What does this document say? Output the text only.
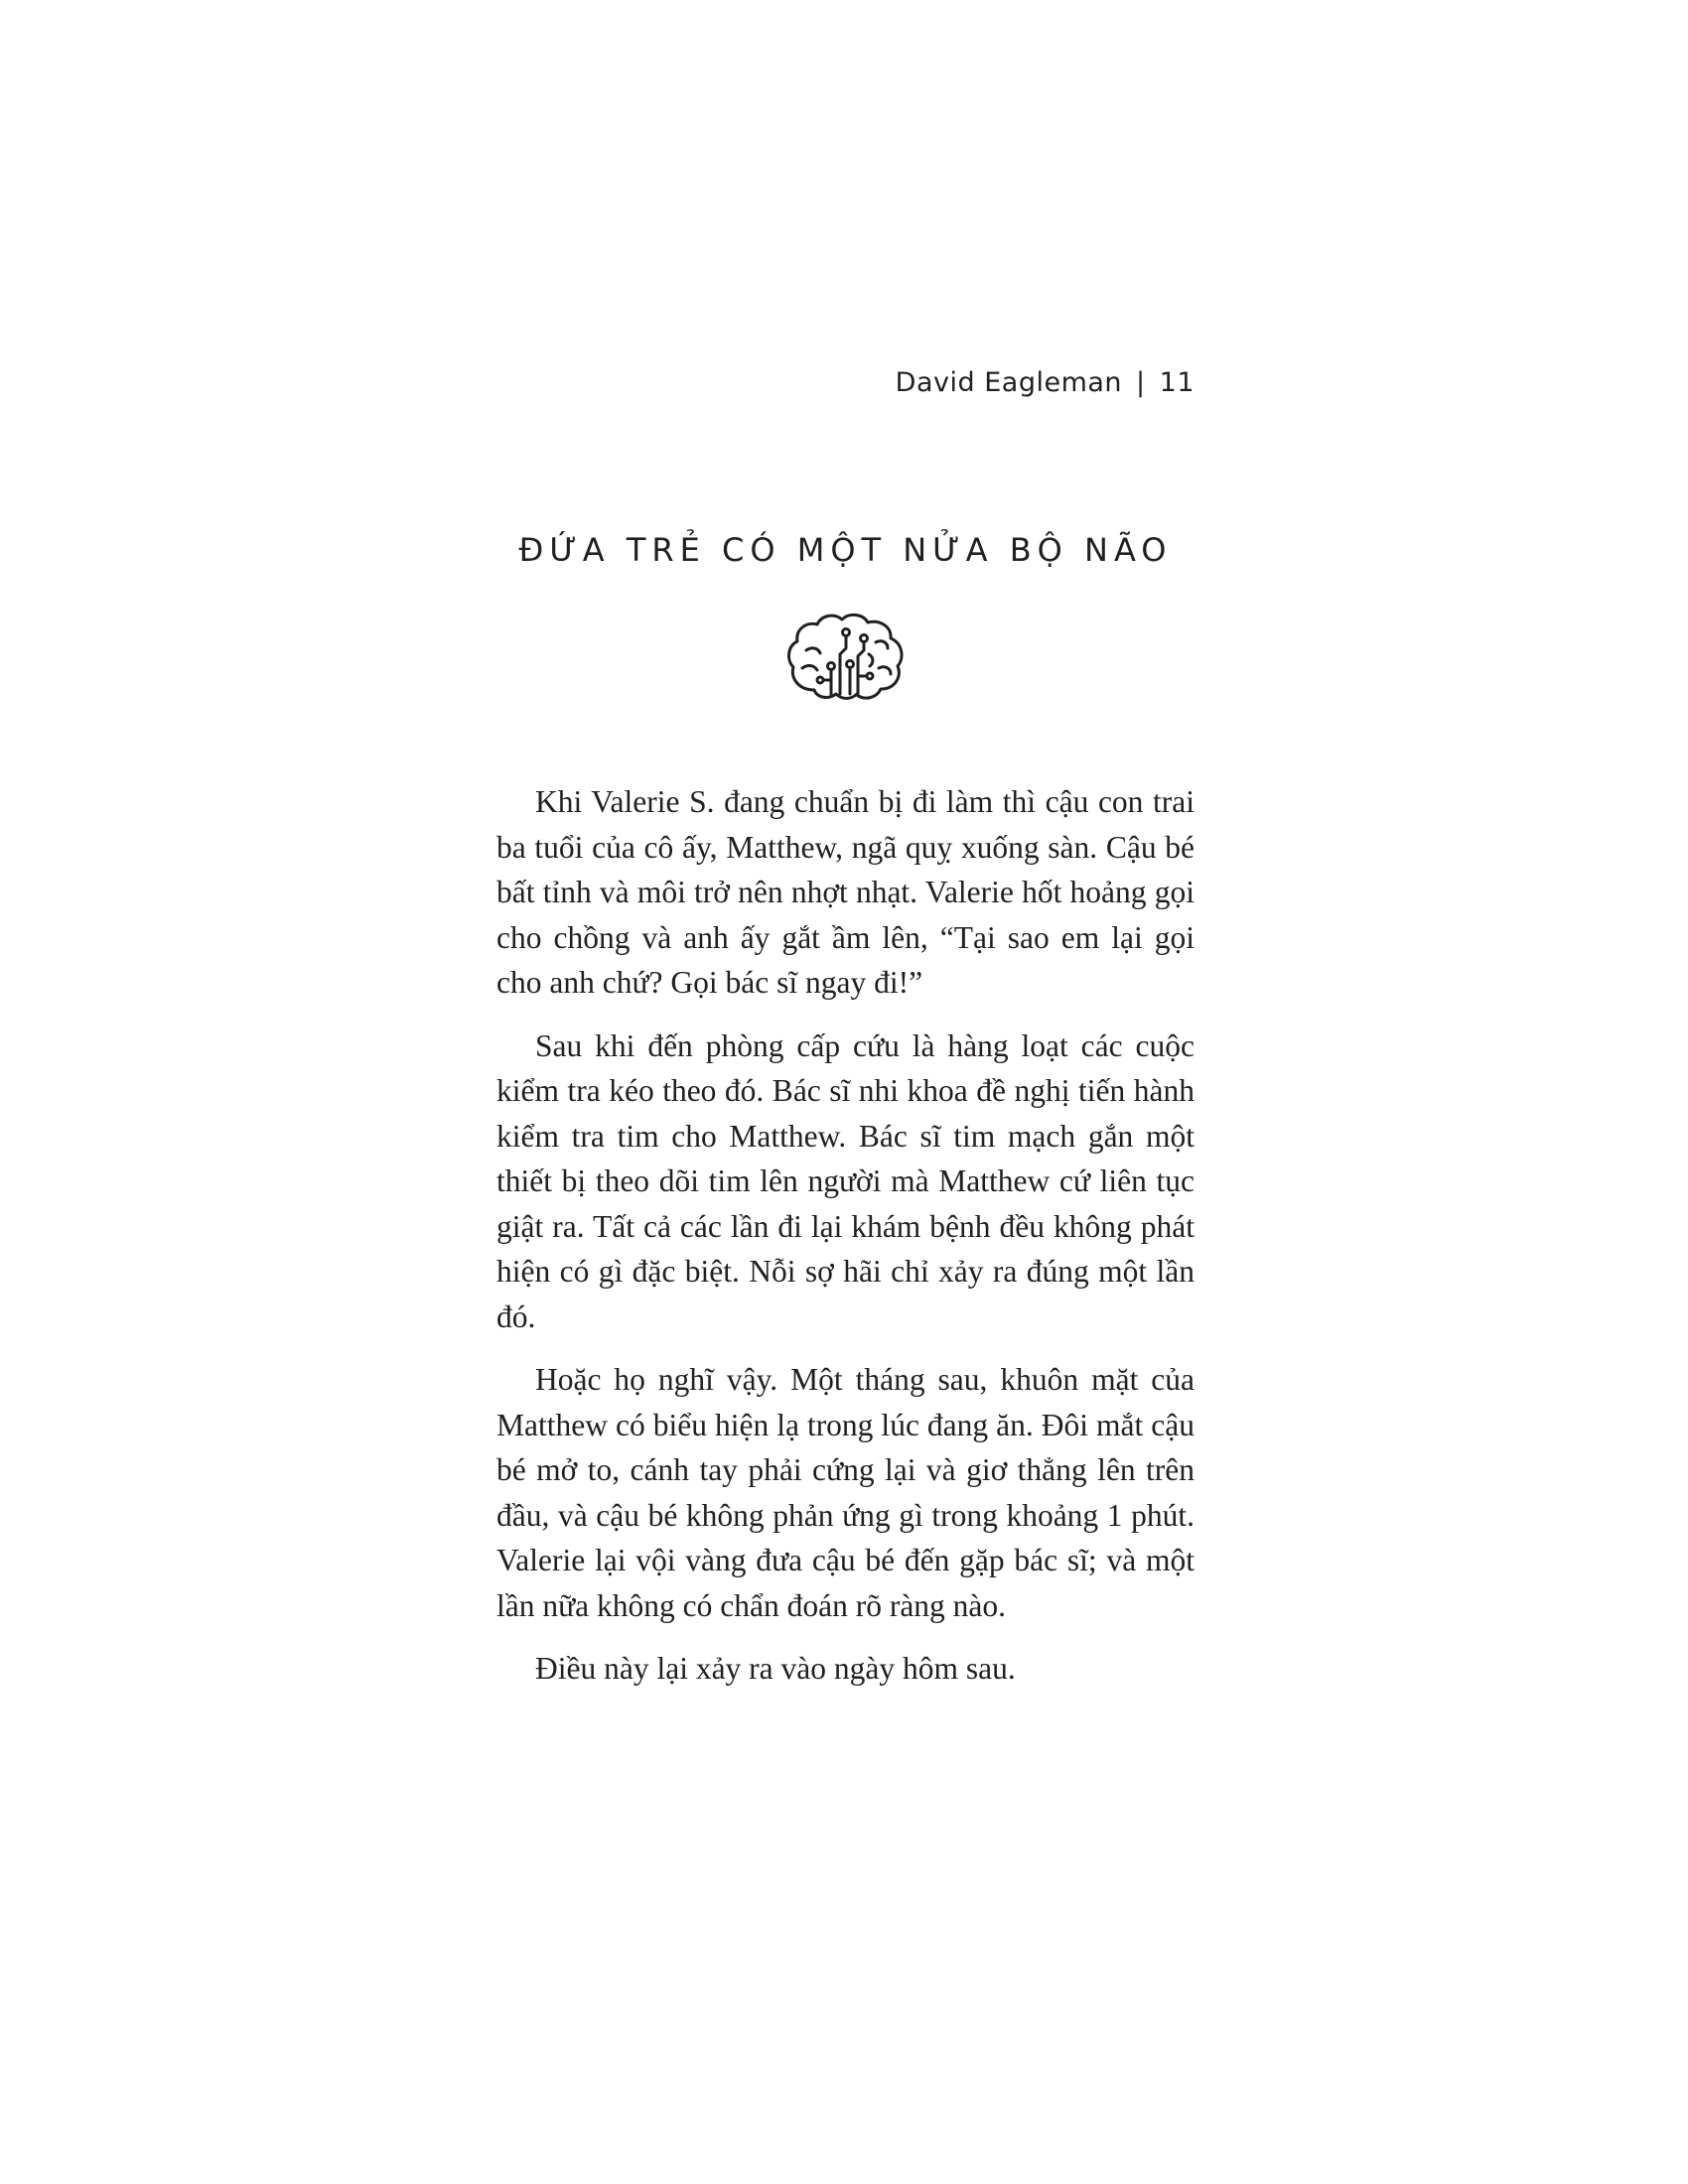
David Eagleman | 11
ĐỨA TRẺ CÓ MỘT NỬA BỘ NÃO

Khi Valerie S. đang chuẩn bị đi làm thì cậu con trai ba tuổi của cô ấy, Matthew, ngã quỵ xuống sàn. Cậu bé bất tỉnh và môi trở nên nhợt nhạt. Valerie hốt hoảng gọi cho chồng và anh ấy gắt ầm lên, “Tại sao em lại gọi cho anh chứ? Gọi bác sĩ ngay đi!”

Sau khi đến phòng cấp cứu là hàng loạt các cuộc kiểm tra kéo theo đó. Bác sĩ nhi khoa đề nghị tiến hành kiểm tra tim cho Matthew. Bác sĩ tim mạch gắn một thiết bị theo dõi tim lên người mà Matthew cứ liên tục giật ra. Tất cả các lần đi lại khám bệnh đều không phát hiện có gì đặc biệt. Nỗi sợ hãi chỉ xảy ra đúng một lần đó.

Hoặc họ nghĩ vậy. Một tháng sau, khuôn mặt của Matthew có biểu hiện lạ trong lúc đang ăn. Đôi mắt cậu bé mở to, cánh tay phải cứng lại và giơ thẳng lên trên đầu, và cậu bé không phản ứng gì trong khoảng 1 phút. Valerie lại vội vàng đưa cậu bé đến gặp bác sĩ; và một lần nữa không có chẩn đoán rõ ràng nào.

Điều này lại xảy ra vào ngày hôm sau.
